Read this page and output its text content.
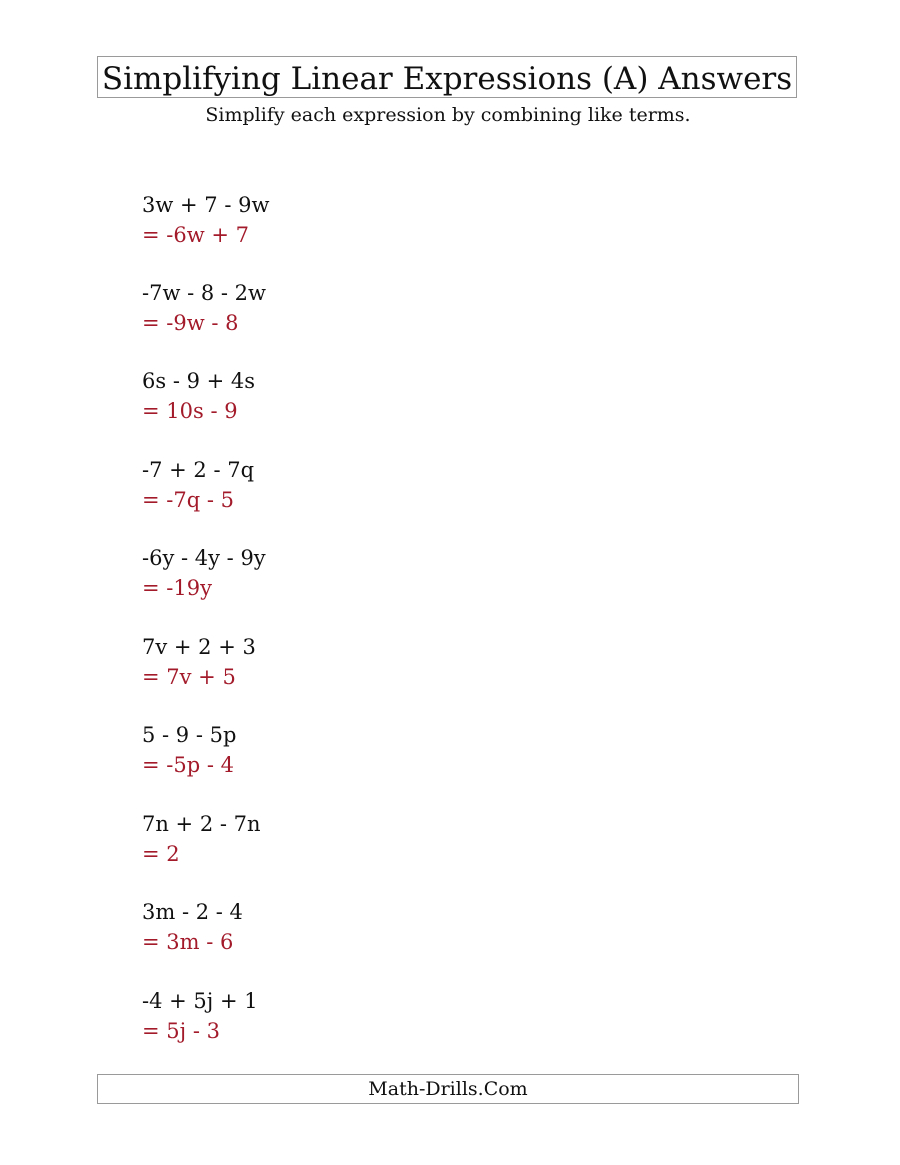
Simplifying Linear Expressions (A) Answers
Simplify each expression by combining like terms.
3w + 7 - 9w
= -6w + 7
-7w - 8 - 2w
= -9w - 8
6s - 9 + 4s
= 10s - 9
-7 + 2 - 7q
= -7q - 5
-6y - 4y - 9y
= -19y
7v + 2 + 3
= 7v + 5
5 - 9 - 5p
= -5p - 4
7n + 2 - 7n
= 2
3m - 2 - 4
= 3m - 6
-4 + 5j + 1
= 5j - 3
Math-Drills.Com
